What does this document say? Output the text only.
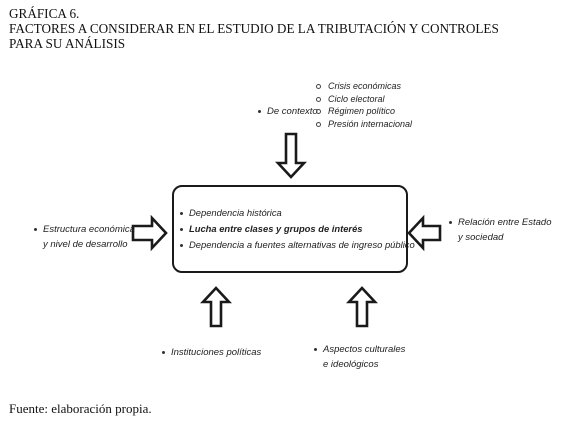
GRÁFICA 6.
FACTORES A CONSIDERAR EN EL ESTUDIO DE LA TRIBUTACIÓN Y CONTROLES
PARA SU ANÁLISIS
De contexto
Crisis económicas
Ciclo electoral
Régimen político
Presión internacional
Dependencia histórica
Lucha entre clases y grupos de interés
Dependencia a fuentes alternativas de ingreso público
Estructura económica
y nivel de desarrollo
Relación entre Estado
y sociedad
Instituciones políticas	Aspectos culturales
e ideológicos
Fuente: elaboración propia.
